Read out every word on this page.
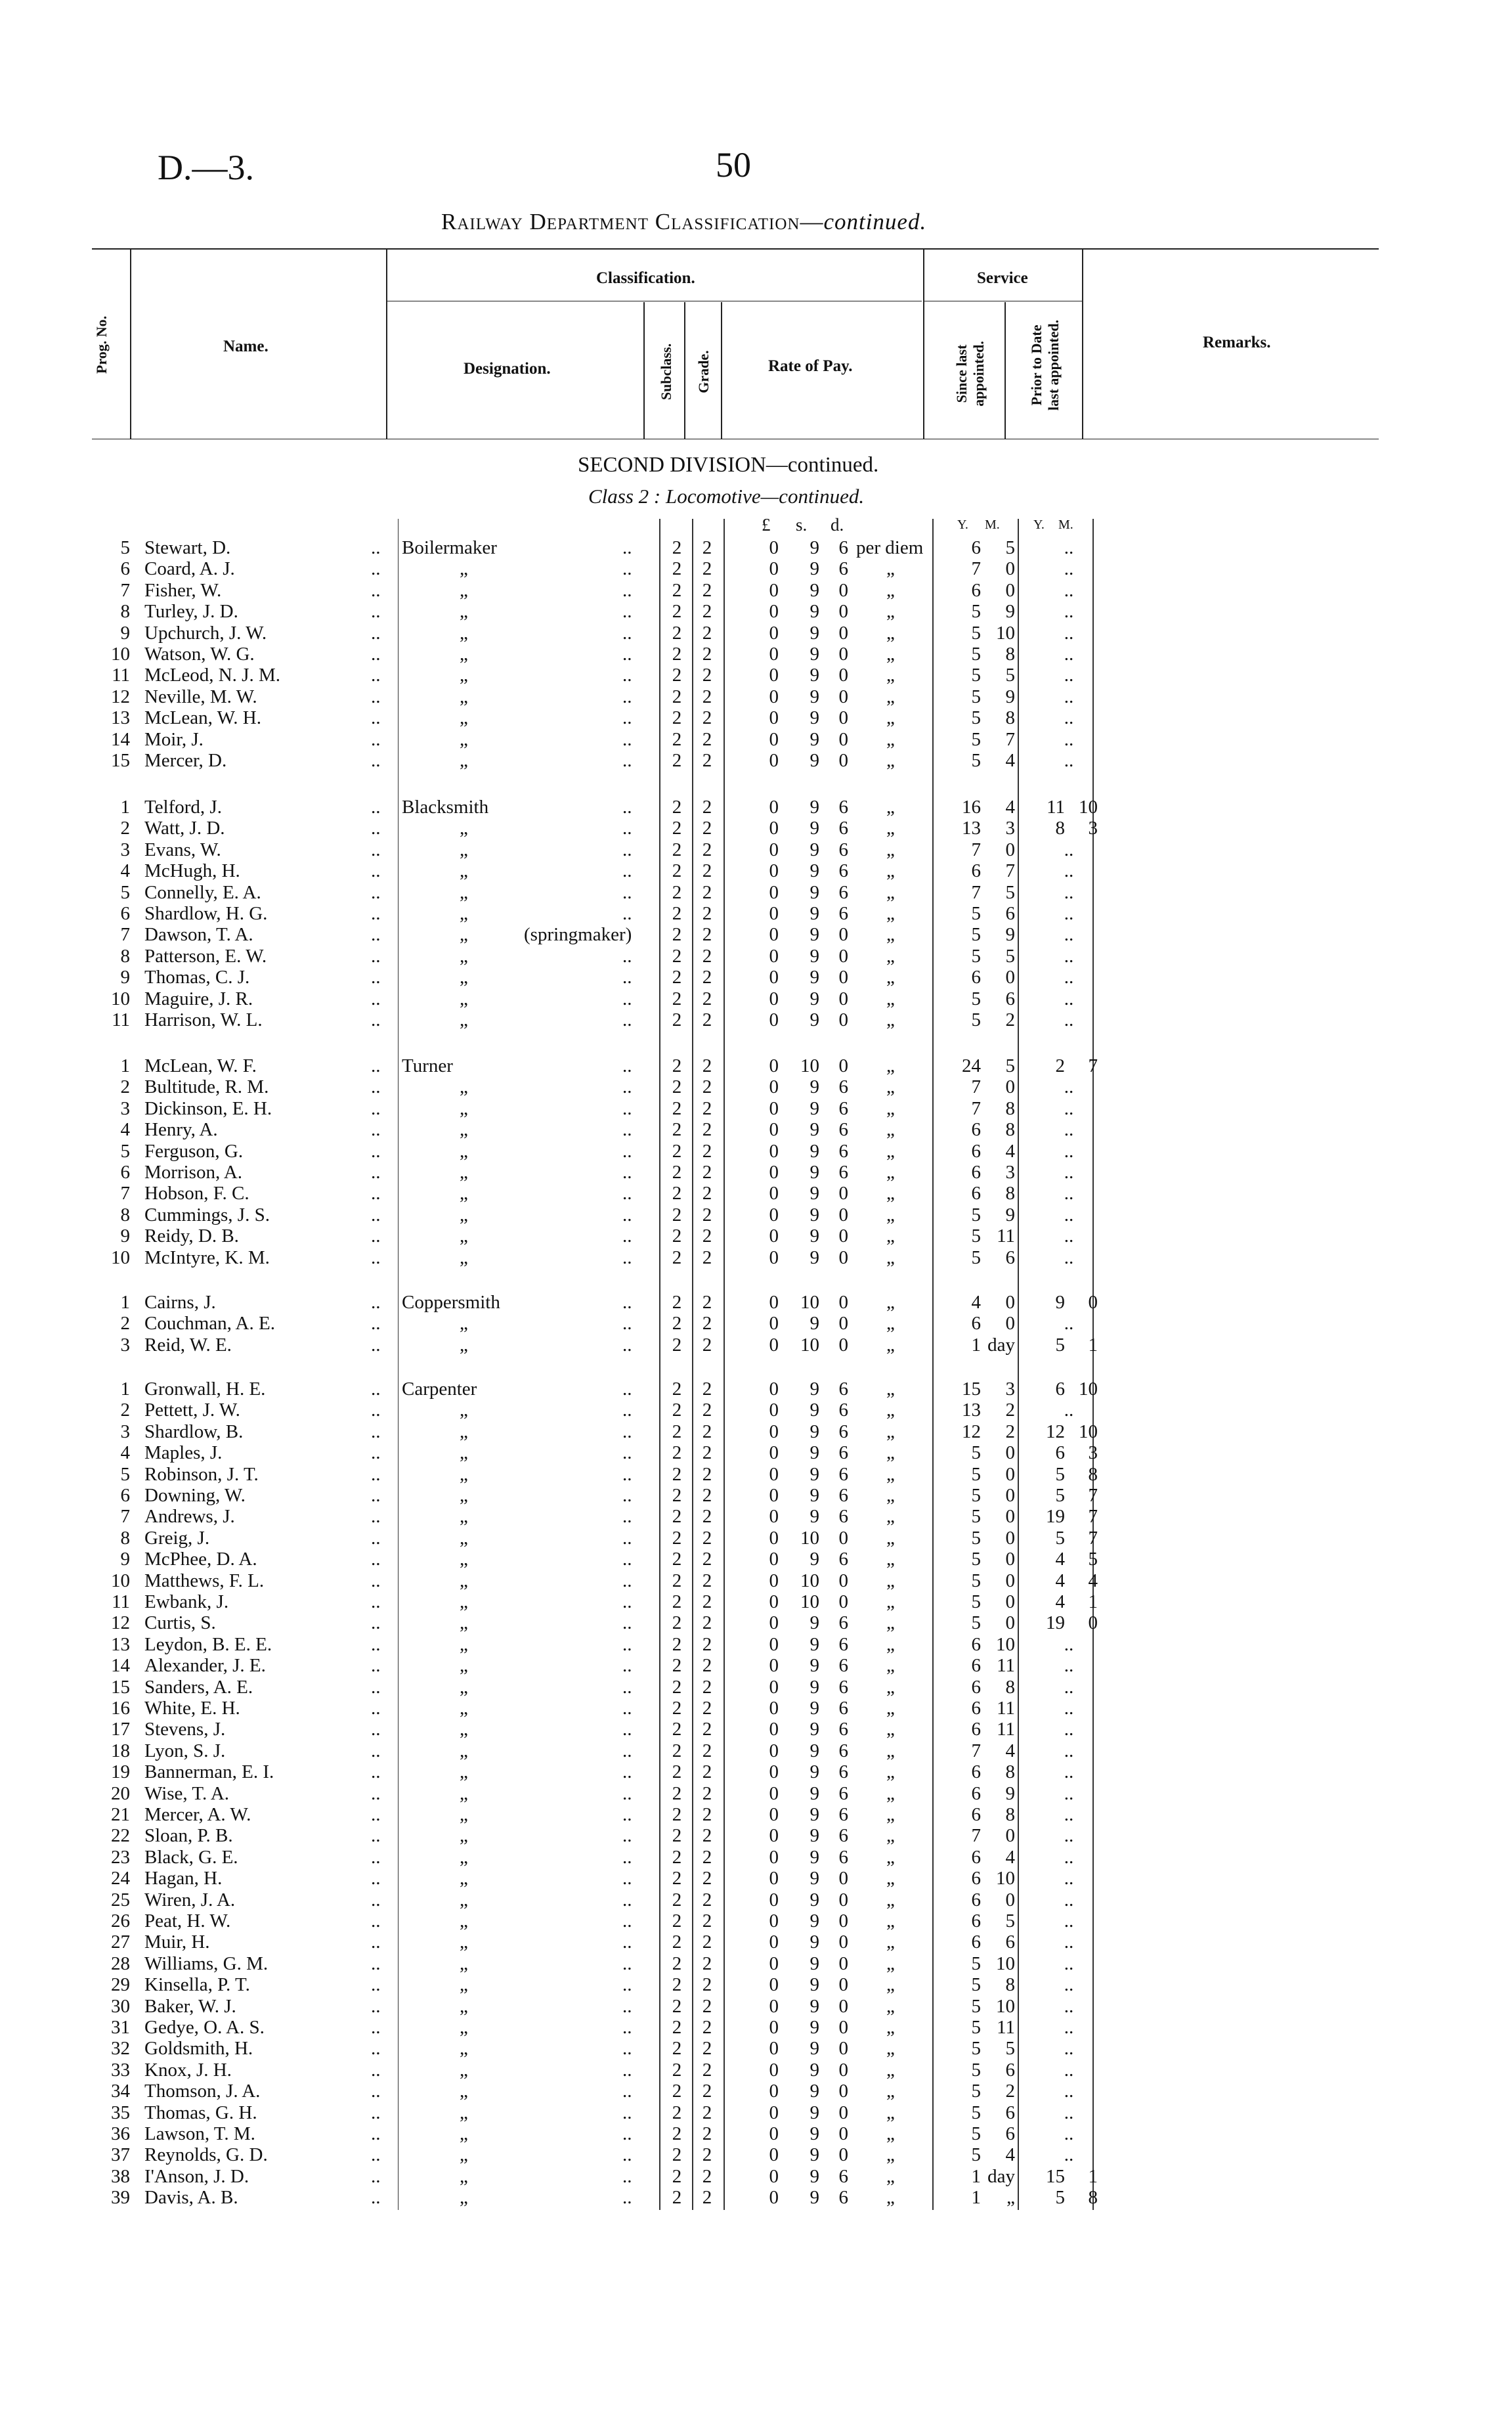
D.—3.	50
Railway Department Classification—continued.
Prog. No.	Name.
Classification.
Designation.	Subclass. Grade.	Rate of Pay.
Service
Since last appointed.	Prior to Date last appointed.	Remarks.
SECOND DIVISION—continued.
Class 2 : Locomotive—continued.
£ s. d.	Y. M.	Y. M.
5 Stewart, D.	.. Boilermaker	.. 2 2	0	9	6 per diem	6	5	..
6 Coard, A. J.	..	„	.. 2 2	0	9	6 „	7	0	..
7 Fisher, W.	..	„	.. 2 2	0	9	0 „	6	0	..
8 Turley, J. D.	..	„	.. 2 2	0	9	0 „	5	9	..
9 Upchurch, J. W.	..	„	.. 2 2	0	9	0 „	5 10	..
10 Watson, W. G.	..	„	.. 2 2	0	9	0 „	5	8	..
11 McLeod, N. J. M.	..	„	.. 2 2	0	9	0 „	5	5	..
12 Neville, M. W.	..	„	.. 2 2	0	9	0 „	5	9	..
13 McLean, W. H.	..	„	.. 2 2	0	9	0 „	5	8	..
14 Moir, J.	..	„	.. 2 2	0	9	0 „	5	7	..
15 Mercer, D.	..	„	.. 2 2	0	9	0 „	5	4	..
1 Telford, J.	.. Blacksmith	.. 2 2	0	9	6 „	16	4	11 10
2 Watt, J. D.	..	„	.. 2 2	0	9	6 „	13	3	8	3
3 Evans, W.	..	„	.. 2 2	0	9	6 „	7	0	..
4 McHugh, H.	..	„	.. 2 2	0	9	6 „	6	7	..
5 Connelly, E. A.	..	„	.. 2 2	0	9	6 „	7	5	..
6 Shardlow, H. G.	..	„	.. 2 2	0	9	6 „	5	6	..
7 Dawson, T. A.	..	„	(springmaker) 2 2	0	9	0 „	5	9	..
8 Patterson, E. W.	..	„	.. 2 2	0	9	0 „	5	5	..
9 Thomas, C. J.	..	„	.. 2 2	0	9	0 „	6	0	..
10 Maguire, J. R.	..	„	.. 2 2	0	9	0 „	5	6	..
11 Harrison, W. L.	..	„	.. 2 2	0	9	0 „	5	2	..
1 McLean, W. F.	.. Turner	.. 2 2	0	10	0 „	24	5	2	7
2 Bultitude, R. M.	..	„	.. 2 2	0	9	6 „	7	0	..
3 Dickinson, E. H.	..	„	.. 2 2	0	9	6 „	7	8	..
4 Henry, A.	..	„	.. 2 2	0	9	6 „	6	8	..
5 Ferguson, G.	..	„	.. 2 2	0	9	6 „	6	4	..
6 Morrison, A.	..	„	.. 2 2	0	9	6 „	6	3	..
7 Hobson, F. C.	..	„	.. 2 2	0	9	0 „	6	8	..
8 Cummings, J. S.	..	„	.. 2 2	0	9	0 „	5	9	..
9 Reidy, D. B.	..	„	.. 2 2	0	9	0 „	5 11	..
10 McIntyre, K. M.	..	„	.. 2 2	0	9	0 „	5	6	..
1 Cairns, J.	.. Coppersmith	.. 2 2	0	10	0 „	4	0	9	0
2 Couchman, A. E.	..	„	.. 2 2	0	9	0 „	6	0	..
3 Reid, W. E.	..	„	.. 2 2	0	10	0 „	1 day	5	1
1 Gronwall, H. E.	.. Carpenter	.. 2 2	0	9	6 „	15	3	6 10
2 Pettett, J. W.	..	„	.. 2 2	0	9	6 „	13	2	..
3 Shardlow, B.	..	„	.. 2 2	0	9	6 „	12	2	12 10
4 Maples, J.	..	„	.. 2 2	0	9	6 „	5	0	6	3
5 Robinson, J. T.	..	„	.. 2 2	0	9	6 „	5	0	5	8
6 Downing, W.	..	„	.. 2 2	0	9	6 „	5	0	5	7
7 Andrews, J.	..	„	.. 2 2	0	9	6 „	5	0	19	7
8 Greig, J.	..	„	.. 2 2	0	10	0 „	5	0	5	7
9 McPhee, D. A.	..	„	.. 2 2	0	9	6 „	5	0	4	5
10 Matthews, F. L.	..	„	.. 2 2	0	10	0 „	5	0	4	4
11 Ewbank, J.	..	„	.. 2 2	0	10	0 „	5	0	4	1
12 Curtis, S.	..	„	.. 2 2	0	9	6 „	5	0	19	0
13 Leydon, B. E. E.	..	„	.. 2 2	0	9	6 „	6 10	..
14 Alexander, J. E.	..	„	.. 2 2	0	9	6 „	6 11	..
15 Sanders, A. E.	..	„	.. 2 2	0	9	6 „	6	8	..
16 White, E. H.	..	„	.. 2 2	0	9	6 „	6 11	..
17 Stevens, J.	..	„	.. 2 2	0	9	6 „	6 11	..
18 Lyon, S. J.	..	„	.. 2 2	0	9	6 „	7	4	..
19 Bannerman, E. I.	..	„	.. 2 2	0	9	6 „	6	8	..
20 Wise, T. A.	..	„	.. 2 2	0	9	6 „	6	9	..
21 Mercer, A. W.	..	„	.. 2 2	0	9	6 „	6	8	..
22 Sloan, P. B.	..	„	.. 2 2	0	9	6 „	7	0	..
23 Black, G. E.	..	„	.. 2 2	0	9	6 „	6	4	..
24 Hagan, H.	..	„	.. 2 2	0	9	0 „	6 10	..
25 Wiren, J. A.	..	„	.. 2 2	0	9	0 „	6	0	..
26 Peat, H. W.	..	„	.. 2 2	0	9	0 „	6	5	..
27 Muir, H.	..	„	.. 2 2	0	9	0 „	6	6	..
28 Williams, G. M.	..	„	.. 2 2	0	9	0 „	5 10	..
29 Kinsella, P. T.	..	„	.. 2 2	0	9	0 „	5	8	..
30 Baker, W. J.	..	„	.. 2 2	0	9	0 „	5 10	..
31 Gedye, O. A. S.	..	„	.. 2 2	0	9	0 „	5 11	..
32 Goldsmith, H.	..	„	.. 2 2	0	9	0 „	5	5	..
33 Knox, J. H.	..	„	.. 2 2	0	9	0 „	5	6	..
34 Thomson, J. A.	..	„	.. 2 2	0	9	0 „	5	2	..
35 Thomas, G. H.	..	„	.. 2 2	0	9	0 „	5	6	..
36 Lawson, T. M.	..	„	.. 2 2	0	9	0 „	5	6	..
37 Reynolds, G. D.	..	„	.. 2 2	0	9	0 „	5	4	..
38 I'Anson, J. D.	..	„	.. 2 2	0	9	6 „	1 day	15	1
39 Davis, A. B.	..	„	.. 2 2	0	9	6 „	1	„	5	8
